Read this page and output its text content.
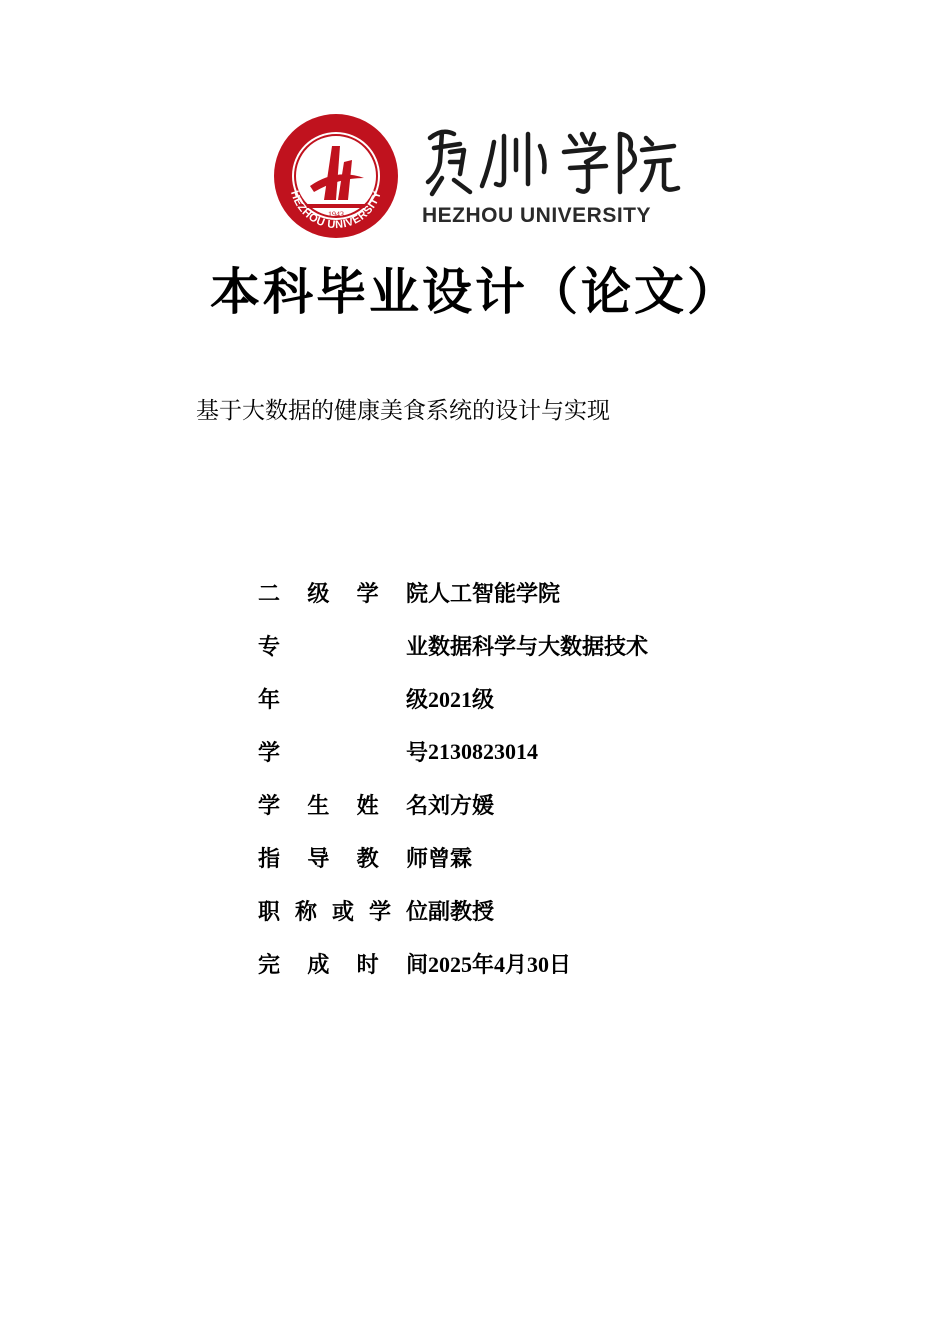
1943
HEZHOU UNIVERSITY
HEZHOU UNIVERSITY
本科毕业设计（论文）
基于大数据的健康美食系统的设计与实现
二 级 学 院 人工智能学院
专	业 数据科学与大数据技术
年	级 2021级
学	号 2130823014
学 生 姓 名 刘方媛
指 导 教 师 曾霖
职 称 或 学 位 副教授
完 成 时 间 2025年4月30日
